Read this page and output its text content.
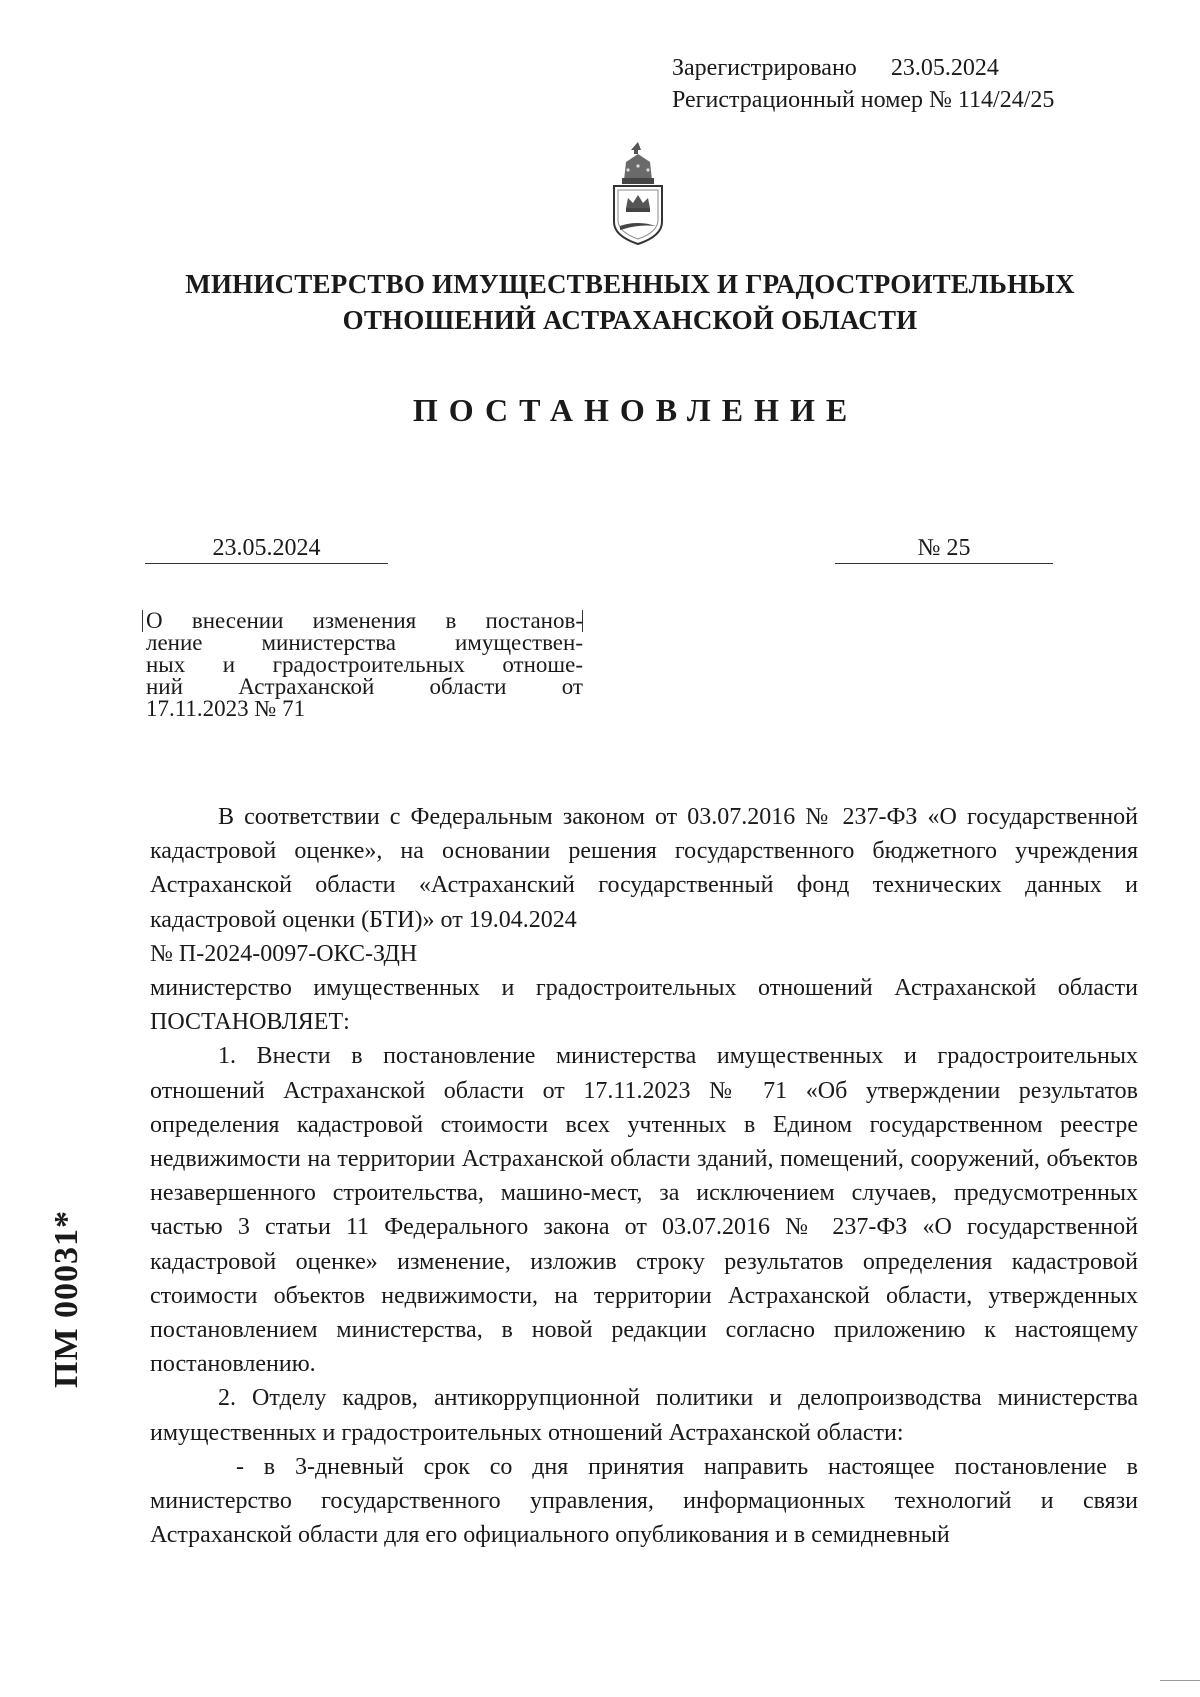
Зарегистрировано 23.05.2024
Регистрационный номер № 114/24/25
МИНИСТЕРСТВО ИМУЩЕСТВЕННЫХ И ГРАДОСТРОИТЕЛЬНЫХ
ОТНОШЕНИЙ АСТРАХАНСКОЙ ОБЛАСТИ
ПОСТАНОВЛЕНИЕ
23.05.2024	№ 25
О внесении изменения в постанов-
ление министерства имуществен-
ных и градостроительных отноше-
ний Астраханской области от
17.11.2023 № 71

В соответствии с Федеральным законом от 03.07.2016 № 237-ФЗ «О государственной кадастровой оценке», на основании решения государственного бюджетного учреждения Астраханской области «Астраханский государственный фонд технических данных и кадастровой оценки (БТИ)» от 19.04.2024

№ П-2024-0097-ОКС-ЗДН

министерство имущественных и градостроительных отношений Астраханской области ПОСТАНОВЛЯЕТ:

1. Внести в постановление министерства имущественных и градостроительных отношений Астраханской области от 17.11.2023 № 71 «Об утверждении результатов определения кадастровой стоимости всех учтенных в Едином государственном реестре недвижимости на территории Астраханской области зданий, помещений, сооружений, объектов незавершенного строительства, машино-мест, за исключением случаев, предусмотренных частью 3 статьи 11 Федерального закона от 03.07.2016 № 237-ФЗ «О государственной кадастровой оценке» изменение, изложив строку результатов определения кадастровой стоимости объектов недвижимости, на территории Астраханской области, утвержденных постановлением министерства, в новой редакции согласно приложению к настоящему постановлению.

2. Отделу кадров, антикоррупционной политики и делопроизводства министерства имущественных и градостроительных отношений Астраханской области:

- в 3-дневный срок со дня принятия направить настоящее постановление в министерство государственного управления, информационных технологий и связи Астраханской области для его официального опубликования и в семидневный

ПМ 00031*
